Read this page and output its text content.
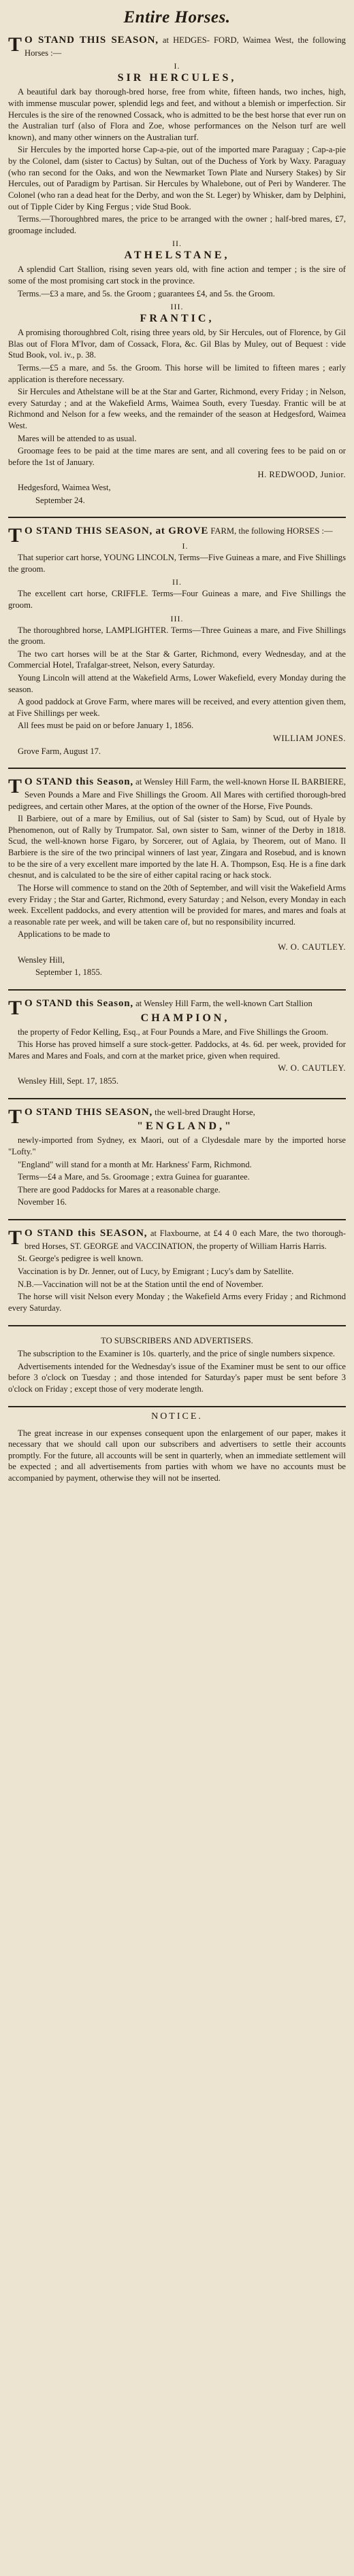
Entire Horses.

T O STAND THIS SEASON, at HEDGES- FORD, Waimea West, the following Horses :—

I.
SIR HERCULES,

A beautiful dark bay thorough-bred horse, free from white, fifteen hands, two inches, high, with immense muscular power, splendid legs and feet, and without a blemish or imperfection. Sir Hercules is the sire of the renowned Cossack, who is admitted to be the best horse that ever run on the Australian turf (also of Flora and Zoe, whose performances on the Nelson turf are well known), and many other winners on the Australian turf.

Sir Hercules by the imported horse Cap-a-pie, out of the imported mare Paraguay ; Cap-a-pie by the Colonel, dam (sister to Cactus) by Sultan, out of the Duchess of York by Waxy. Paraguay (who ran second for the Oaks, and won the Newmarket Town Plate and Nursery Stakes) by Sir Hercules, out of Paradigm by Partisan. Sir Hercules by Whalebone, out of Peri by Wanderer. The Colonel (who ran a dead heat for the Derby, and won the St. Leger) by Whisker, dam by Delphini, out of Tipple Cider by King Fergus ; vide Stud Book.

Terms.—Thoroughbred mares, the price to be arranged with the owner ; half-bred mares, £7, groomage included.

II.
ATHELSTANE,

A splendid Cart Stallion, rising seven years old, with fine action and temper ; is the sire of some of the most promising cart stock in the province.

Terms.—£3 a mare, and 5s. the Groom ; guarantees £4, and 5s. the Groom.

III.
FRANTIC,

A promising thoroughbred Colt, rising three years old, by Sir Hercules, out of Florence, by Gil Blas out of Flora M'Ivor, dam of Cossack, Flora, &c. Gil Blas by Muley, out of Bequest : vide Stud Book, vol. iv., p. 38.

Terms.—£5 a mare, and 5s. the Groom. This horse will be limited to fifteen mares ; early application is therefore necessary.

Sir Hercules and Athelstane will be at the Star and Garter, Richmond, every Friday ; in Nelson, every Saturday ; and at the Wakefield Arms, Waimea South, every Tuesday. Frantic will be at Richmond and Nelson for a few weeks, and the remainder of the season at Hedgesford, Waimea West.

Mares will be attended to as usual.

Groomage fees to be paid at the time mares are sent, and all covering fees to be paid on or before the 1st of January.

H. REDWOOD, Junior.

Hedgesford, Waimea West,

September 24.

T O STAND THIS SEASON, at GROVE FARM, the following HORSES :—

I.

That superior cart horse, YOUNG LINCOLN, Terms—Five Guineas a mare, and Five Shillings the groom.

II.

The excellent cart horse, CRIFFLE. Terms—Four Guineas a mare, and Five Shillings the groom.

III.

The thoroughbred horse, LAMPLIGHTER. Terms—Three Guineas a mare, and Five Shillings the groom.

The two cart horses will be at the Star & Garter, Richmond, every Wednesday, and at the Commercial Hotel, Trafalgar-street, Nelson, every Saturday.

Young Lincoln will attend at the Wakefield Arms, Lower Wakefield, every Monday during the season.

A good paddock at Grove Farm, where mares will be received, and every attention given them, at Five Shillings per week.

All fees must be paid on or before January 1, 1856.

WILLIAM JONES.

Grove Farm, August 17.

T O STAND this Season, at Wensley Hill Farm, the well-known Horse IL BARBIERE, Seven Pounds a Mare and Five Shillings the Groom. All Mares with certified thorough-bred pedigrees, and certain other Mares, at the option of the owner of the Horse, Five Pounds.

Il Barbiere, out of a mare by Emilius, out of Sal (sister to Sam) by Scud, out of Hyale by Phenomenon, out of Rally by Trumpator. Sal, own sister to Sam, winner of the Derby in 1818. Scud, the well-known horse Figaro, by Sorcerer, out of Aglaia, by Theorem, out of Mano. Il Barbiere is the sire of the two principal winners of last year, Zingara and Rosebud, and is known to be the sire of a very excellent mare imported by the late H. A. Thompson, Esq. He is a fine dark chesnut, and is calculated to be the sire of either capital racing or hack stock.

The Horse will commence to stand on the 20th of September, and will visit the Wakefield Arms every Friday ; the Star and Garter, Richmond, every Saturday ; and Nelson, every Monday in each week. Excellent paddocks, and every attention will be provided for mares, and mares and foals at a reasonable rate per week, and will be taken care of, but no responsibility incurred.

Applications to be made to

W. O. CAUTLEY.

Wensley Hill,

September 1, 1855.

T O STAND this Season, at Wensley Hill Farm, the well-known Cart Stallion

CHAMPION,

the property of Fedor Kelling, Esq., at Four Pounds a Mare, and Five Shillings the Groom.

This Horse has proved himself a sure stock-getter. Paddocks, at 4s. 6d. per week, provided for Mares and Mares and Foals, and corn at the market price, given when required.

W. O. CAUTLEY.

Wensley Hill, Sept. 17, 1855.

T O STAND THIS SEASON, the well-bred Draught Horse,

"ENGLAND,"

newly-imported from Sydney, ex Maori, out of a Clydesdale mare by the imported horse "Lofty."

"England" will stand for a month at Mr. Harkness' Farm, Richmond.

Terms—£4 a Mare, and 5s. Groomage ; extra Guinea for guarantee.

There are good Paddocks for Mares at a reasonable charge.

November 16.

T O STAND this SEASON, at Flaxbourne, at £4 4 0 each Mare, the two thorough-bred Horses, ST. GEORGE and VACCINATION, the property of William Harris Harris.

St. George's pedigree is well known.

Vaccination is by Dr. Jenner, out of Lucy, by Emigrant ; Lucy's dam by Satellite.

N.B.—Vaccination will not be at the Station until the end of November.

The horse will visit Nelson every Monday ; the Wakefield Arms every Friday ; and Richmond every Saturday.

TO SUBSCRIBERS AND ADVERTISERS.

The subscription to the Examiner is 10s. quarterly, and the price of single numbers sixpence.

Advertisements intended for the Wednesday's issue of the Examiner must be sent to our office before 3 o'clock on Tuesday ; and those intended for Saturday's paper must be sent before 3 o'clock on Friday ; except those of very moderate length.

NOTICE.

The great increase in our expenses consequent upon the enlargement of our paper, makes it necessary that we should call upon our subscribers and advertisers to settle their accounts promptly. For the future, all accounts will be sent in quarterly, when an immediate settlement will be expected ; and all advertisements from parties with whom we have no accounts must be accompanied by payment, otherwise they will not be inserted.
